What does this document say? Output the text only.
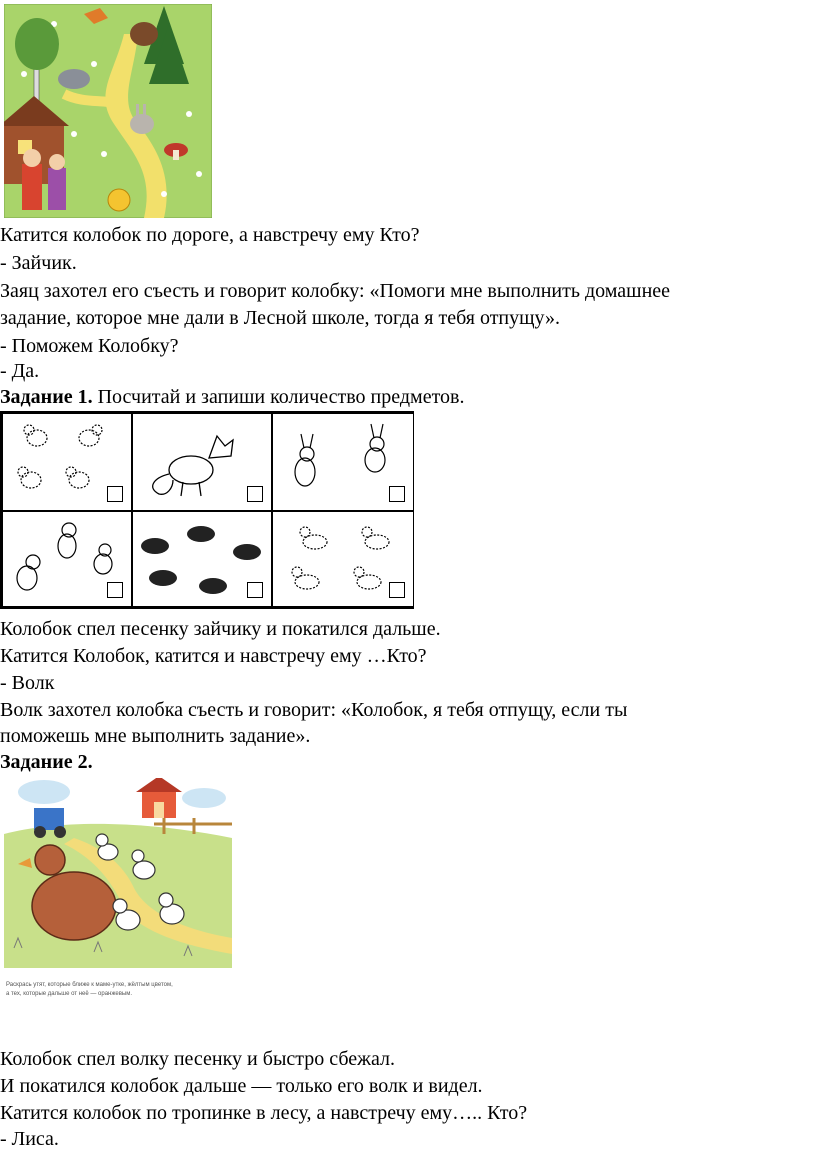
Катится колобок по дороге, а навстречу ему Кто?
- Зайчик.
Заяц захотел его съесть и говорит колобку: «Помоги мне выполнить домашнее
задание, которое мне дали в Лесной школе, тогда я тебя отпущу».
- Поможем Колобку?
- Да.
Задание 1. Посчитай и запиши количество предметов.
Колобок спел песенку зайчику и покатился дальше.
Катится Колобок, катится и навстречу ему …Кто?
- Волк
Волк захотел колобка съесть и говорит: «Колобок, я тебя отпущу, если ты
поможешь мне выполнить задание».
Задание 2.
Раскрась утят, которые ближе к маме-утке, жёлтым цветом,
а тех, которые дальше от неё — оранжевым.
Колобок спел волку песенку и быстро сбежал.
И покатился колобок дальше — только его волк и видел.
Катится колобок по тропинке в лесу, а навстречу ему….. Кто?
- Лиса.
